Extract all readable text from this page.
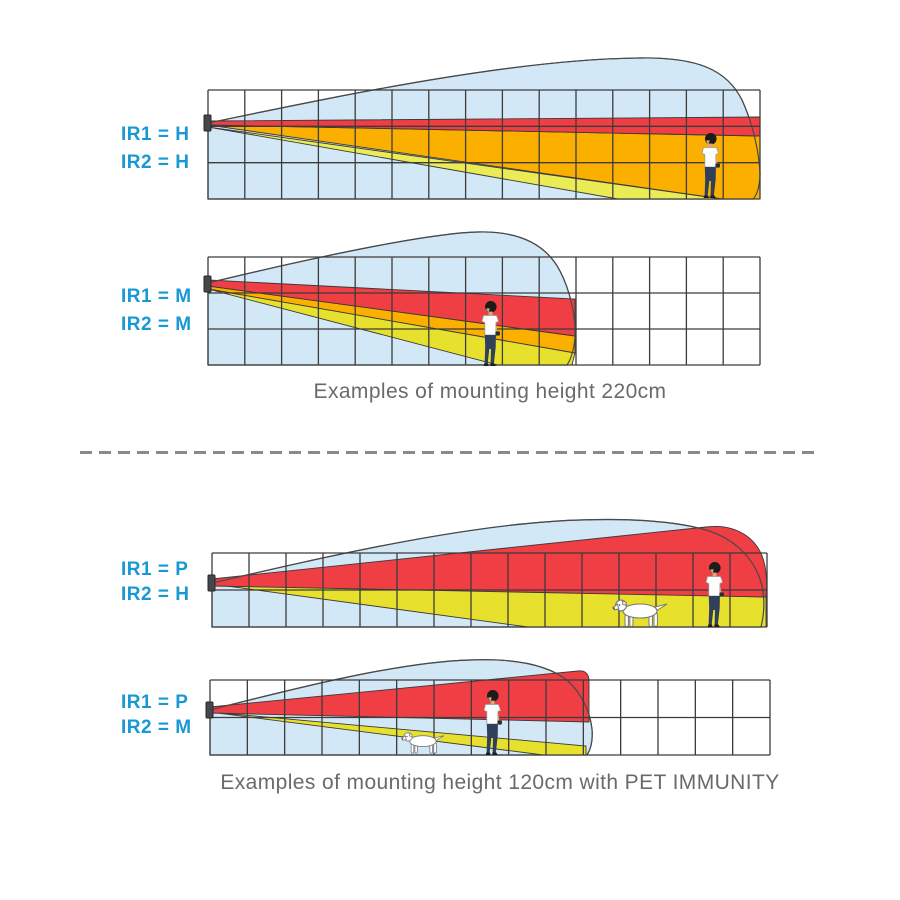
IR1 = H
IR2 = H
IR1 = M
IR2 = M
IR1 = P
IR2 = H
IR1 = P
IR2 = M
Examples of mounting height 220cm
Examples of mounting height 120cm with PET IMMUNITY
